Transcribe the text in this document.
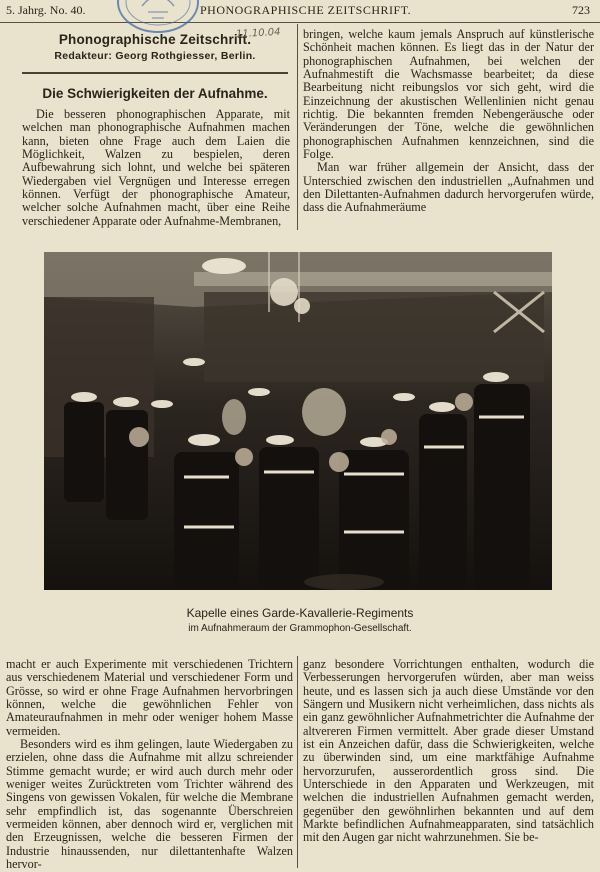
5. Jahrg. No. 40.	PHONOGRAPHISCHE ZEITSCHRIFT.	723
Phonographische Zeitschrift.
Redakteur: Georg Rothgiesser, Berlin.
11.10.04
Die Schwierigkeiten der Aufnahme.

Die besseren phonographischen Apparate, mit welchen man phonographische Aufnahmen machen kann, bieten ohne Frage auch dem Laien die Möglichkeit, Walzen zu bespielen, deren Aufbewahrung sich lohnt, und welche bei späteren Wiedergaben viel Vergnügen und Interesse erregen können. Verfügt der phonographische Amateur, welcher solche Aufnahmen macht, über eine Reihe verschiedener Apparate oder Aufnahme-Membranen,

bringen, welche kaum jemals Anspruch auf künstlerische Schönheit machen können. Es liegt das in der Natur der phonographischen Aufnahmen, bei welchen der Aufnahmestift die Wachsmasse bearbeitet; da diese Bearbeitung nicht reibungslos vor sich geht, wird die Einzeichnung der akustischen Wellenlinien nicht genau richtig. Die bekannten fremden Nebengeräusche oder Veränderungen der Töne, welche die gewöhnlichen phonographischen Aufnahmen kennzeichnen, sind die Folge.

Man war früher allgemein der Ansicht, dass der Unterschied zwischen den industriellen „Aufnahmen und den Dilettanten-Aufnahmen dadurch hervorgerufen würde, dass die Aufnahmeräume

Kapelle eines Garde-Kavallerie-Regiments
im Aufnahmeraum der Grammophon-Gesellschaft.

macht er auch Experimente mit verschiedenen Trichtern aus verschiedenem Material und verschiedener Form und Grösse, so wird er ohne Frage Aufnahmen hervorbringen können, welche die gewöhnlichen Fehler von Amateuraufnahmen in mehr oder weniger hohem Masse vermeiden.

Besonders wird es ihm gelingen, laute Wiedergaben zu erzielen, ohne dass die Aufnahme mit allzu schreiender Stimme gemacht wurde; er wird auch durch mehr oder weniger weites Zurücktreten vom Trichter während des Singens von gewissen Vokalen, für welche die Membrane sehr empfindlich ist, das sogenannte Überschreien vermeiden können, aber dennoch wird er, verglichen mit den Erzeugnissen, welche die besseren Firmen der Industrie hinaussenden, nur dilettantenhafte Walzen hervor-

ganz besondere Vorrichtungen enthalten, wodurch die Verbesserungen hervorgerufen würden, aber man weiss heute, und es lassen sich ja auch diese Umstände vor den Sängern und Musikern nicht verheimlichen, dass nichts als ein ganz gewöhnlicher Aufnahmetrichter die Aufnahme der altvereren Firmen vermittelt. Aber grade dieser Umstand ist ein Anzeichen dafür, dass die Schwierigkeiten, welche zu überwinden sind, um eine marktfähige Aufnahme hervorzurufen, ausserordentlich gross sind. Die Unterschiede in den Apparaten und Werkzeugen, mit welchen die industriellen Aufnahmen gemacht werden, gegenüber den gewöhnlirhen bekannten und auf dem Markte befindlichen Aufnahmeapparaten, sind tatsächlich mit den Augen gar nicht wahrzunehmen. Sie be-
